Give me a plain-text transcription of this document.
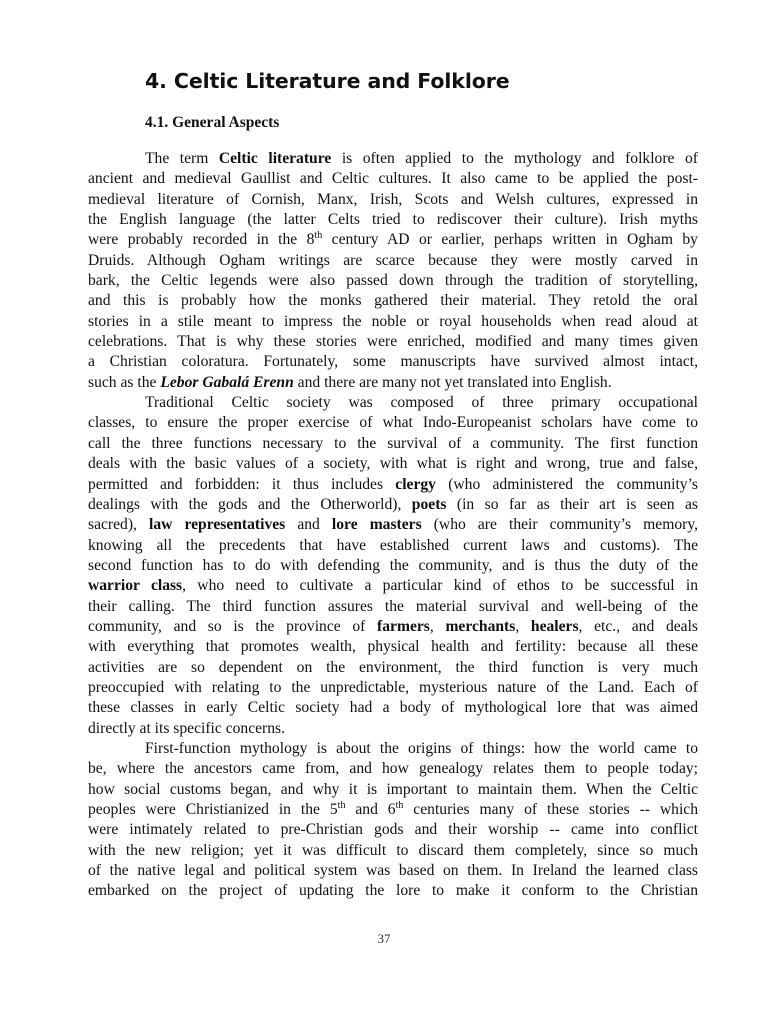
4. Celtic Literature and Folklore
4.1. General Aspects
The term Celtic literature is often applied to the mythology and folklore of
ancient and medieval Gaullist and Celtic cultures. It also came to be applied the post-
medieval literature of Cornish, Manx, Irish, Scots and Welsh cultures, expressed in
the English language (the latter Celts tried to rediscover their culture). Irish myths
were probably recorded in the 8th century AD or earlier, perhaps written in Ogham by
Druids. Although Ogham writings are scarce because they were mostly carved in
bark, the Celtic legends were also passed down through the tradition of storytelling,
and this is probably how the monks gathered their material. They retold the oral
stories in a stile meant to impress the noble or royal households when read aloud at
celebrations. That is why these stories were enriched, modified and many times given
a Christian coloratura. Fortunately, some manuscripts have survived almost intact,
such as the Lebor Gabalá Erenn and there are many not yet translated into English.
Traditional Celtic society was composed of three primary occupational
classes, to ensure the proper exercise of what Indo-Europeanist scholars have come to
call the three functions necessary to the survival of a community. The first function
deals with the basic values of a society, with what is right and wrong, true and false,
permitted and forbidden: it thus includes clergy (who administered the community’s
dealings with the gods and the Otherworld), poets (in so far as their art is seen as
sacred), law representatives and lore masters (who are their community’s memory,
knowing all the precedents that have established current laws and customs). The
second function has to do with defending the community, and is thus the duty of the
warrior class, who need to cultivate a particular kind of ethos to be successful in
their calling. The third function assures the material survival and well-being of the
community, and so is the province of farmers, merchants, healers, etc., and deals
with everything that promotes wealth, physical health and fertility: because all these
activities are so dependent on the environment, the third function is very much
preoccupied with relating to the unpredictable, mysterious nature of the Land. Each of
these classes in early Celtic society had a body of mythological lore that was aimed
directly at its specific concerns.
First-function mythology is about the origins of things: how the world came to
be, where the ancestors came from, and how genealogy relates them to people today;
how social customs began, and why it is important to maintain them. When the Celtic
peoples were Christianized in the 5th and 6th centuries many of these stories -- which
were intimately related to pre-Christian gods and their worship -- came into conflict
with the new religion; yet it was difficult to discard them completely, since so much
of the native legal and political system was based on them. In Ireland the learned class
embarked on the project of updating the lore to make it conform to the Christian
37
